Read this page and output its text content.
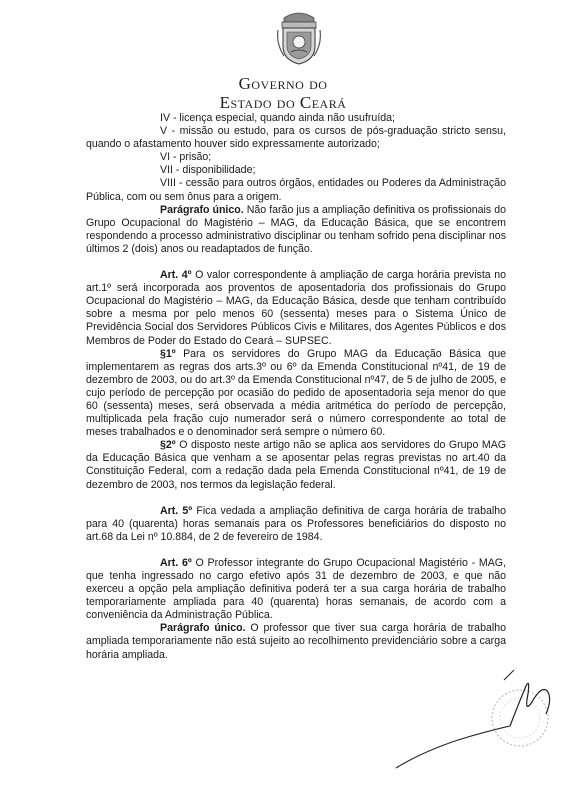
Governo do
Estado do Ceará

IV - licença especial, quando ainda não usufruída;

V - missão ou estudo, para os cursos de pós-graduação stricto sensu, quando o afastamento houver sido expressamente autorizado;

VI - prisão;

VII - disponibilidade;

VIII - cessão para outros órgãos, entidades ou Poderes da Administração Pública, com ou sem ônus para a origem.

Parágrafo único. Não farão jus a ampliação definitiva os profissionais do Grupo Ocupacional do Magistério – MAG, da Educação Básica, que se encontrem respondendo a processo administrativo disciplinar ou tenham sofrido pena disciplinar nos últimos 2 (dois) anos ou readaptados de função.

Art. 4º O valor correspondente à ampliação de carga horária prevista no art.1º será incorporada aos proventos de aposentadoria dos profissionais do Grupo Ocupacional do Magistério – MAG, da Educação Básica, desde que tenham contribuído sobre a mesma por pelo menos 60 (sessenta) meses para o Sistema Único de Previdência Social dos Servidores Públicos Civis e Militares, dos Agentes Públicos e dos Membros de Poder do Estado do Ceará – SUPSEC.

§1º Para os servidores do Grupo MAG da Educação Básica que implementarem as regras dos arts.3º ou 6º da Emenda Constitucional nº41, de 19 de dezembro de 2003, ou do art.3º da Emenda Constitucional nº47, de 5 de julho de 2005, e cujo período de percepção por ocasião do pedido de aposentadoria seja menor do que 60 (sessenta) meses, será observada a média aritmética do período de percepção, multiplicada pela fração cujo numerador será o número correspondente ao total de meses trabalhados e o denominador será sempre o número 60.

§2º O disposto neste artigo não se aplica aos servidores do Grupo MAG da Educação Básica que venham a se aposentar pelas regras previstas no art.40 da Constituição Federal, com a redação dada pela Emenda Constitucional nº41, de 19 de dezembro de 2003, nos termos da legislação federal.

Art. 5º Fica vedada a ampliação definitiva de carga horária de trabalho para 40 (quarenta) horas semanais para os Professores beneficiários do disposto no art.68 da Lei nº 10.884, de 2 de fevereiro de 1984.

Art. 6º O Professor integrante do Grupo Ocupacional Magistério - MAG, que tenha ingressado no cargo efetivo após 31 de dezembro de 2003, e que não exerceu a opção pela ampliação definitiva poderá ter a sua carga horária de trabalho temporariamente ampliada para 40 (quarenta) horas semanais, de acordo com a conveniência da Administração Pública.

Parágrafo único. O professor que tiver sua carga horária de trabalho ampliada temporariamente não está sujeito ao recolhimento previdenciário sobre a carga horária ampliada.
